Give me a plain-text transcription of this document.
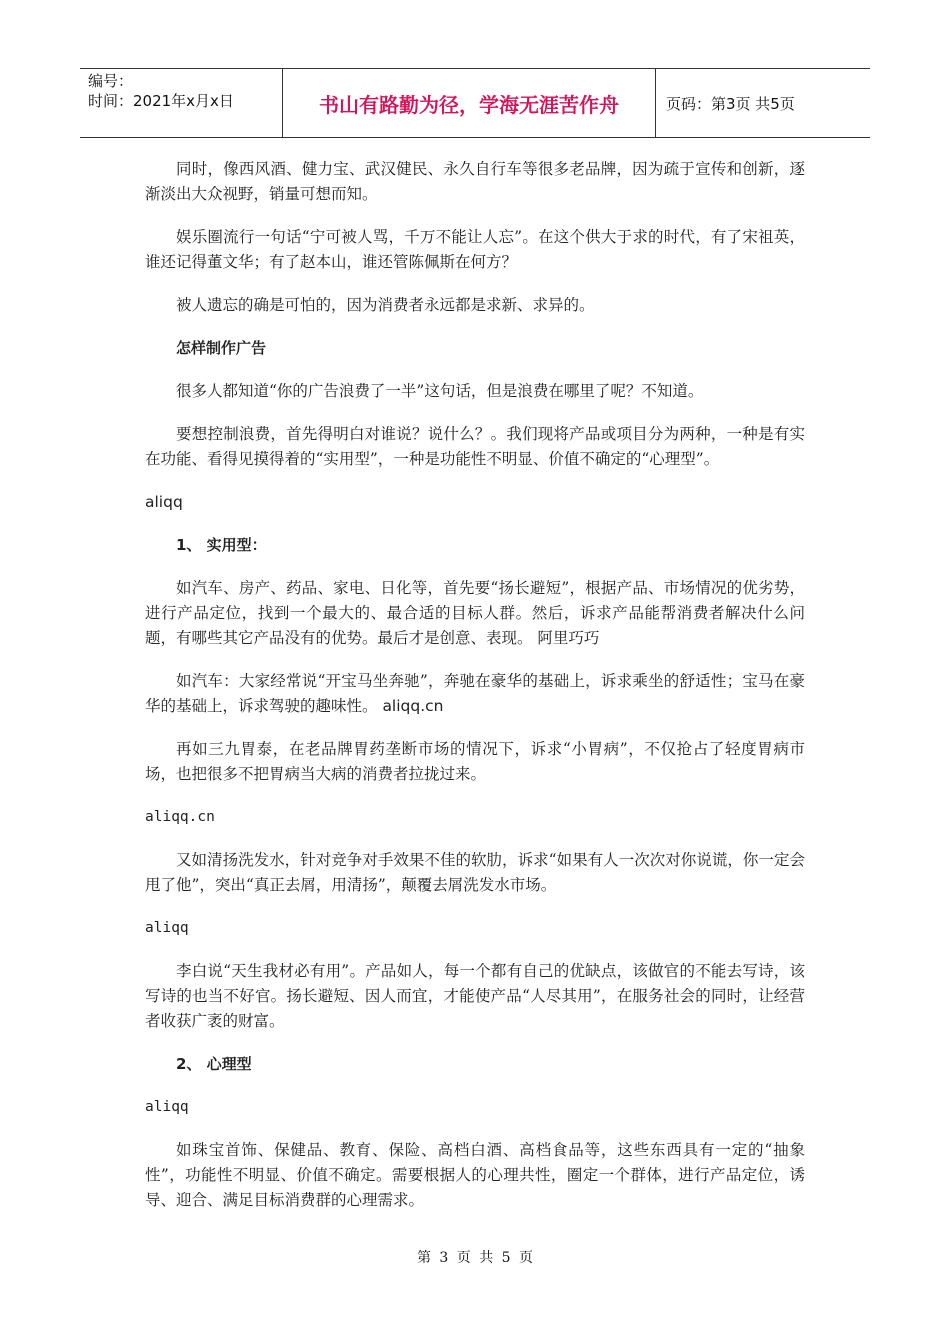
编号：
时间：2021年x月x日	书山有路勤为径，学海无涯苦作舟	页码：第3页 共5页

同时，像西风酒、健力宝、武汉健民、永久自行车等很多老品牌，因为疏于宣传和创新，逐渐淡出大众视野，销量可想而知。

娱乐圈流行一句话“宁可被人骂，千万不能让人忘”。在这个供大于求的时代，有了宋祖英，谁还记得董文华；有了赵本山，谁还管陈佩斯在何方？

被人遗忘的确是可怕的，因为消费者永远都是求新、求异的。

怎样制作广告

很多人都知道“你的广告浪费了一半”这句话，但是浪费在哪里了呢？不知道。

要想控制浪费，首先得明白对谁说？说什么？。我们现将产品或项目分为两种，一种是有实在功能、看得见摸得着的“实用型”，一种是功能性不明显、价值不确定的“心理型”。

aliqq
1、 实用型：

如汽车、房产、药品、家电、日化等，首先要“扬长避短”，根据产品、市场情况的优劣势，进行产品定位，找到一个最大的、最合适的目标人群。然后，诉求产品能帮消费者解决什么问题，有哪些其它产品没有的优势。最后才是创意、表现。 阿里巧巧

如汽车：大家经常说“开宝马坐奔驰”，奔驰在豪华的基础上，诉求乘坐的舒适性；宝马在豪华的基础上，诉求驾驶的趣味性。 aliqq.cn

再如三九胃泰，在老品牌胃药垄断市场的情况下，诉求“小胃病”，不仅抢占了轻度胃病市场，也把很多不把胃病当大病的消费者拉拢过来。

aliqq.cn

又如清扬洗发水，针对竞争对手效果不佳的软肋，诉求“如果有人一次次对你说谎，你一定会甩了他”，突出“真正去屑，用清扬”，颠覆去屑洗发水市场。

aliqq

李白说“天生我材必有用”。产品如人，每一个都有自己的优缺点，该做官的不能去写诗，该写诗的也当不好官。扬长避短、因人而宜，才能使产品“人尽其用”，在服务社会的同时，让经营者收获广袤的财富。

2、 心理型
aliqq

如珠宝首饰、保健品、教育、保险、高档白酒、高档食品等，这些东西具有一定的“抽象性”，功能性不明显、价值不确定。需要根据人的心理共性，圈定一个群体，进行产品定位，诱导、迎合、满足目标消费群的心理需求。

第 3 页 共 5 页
